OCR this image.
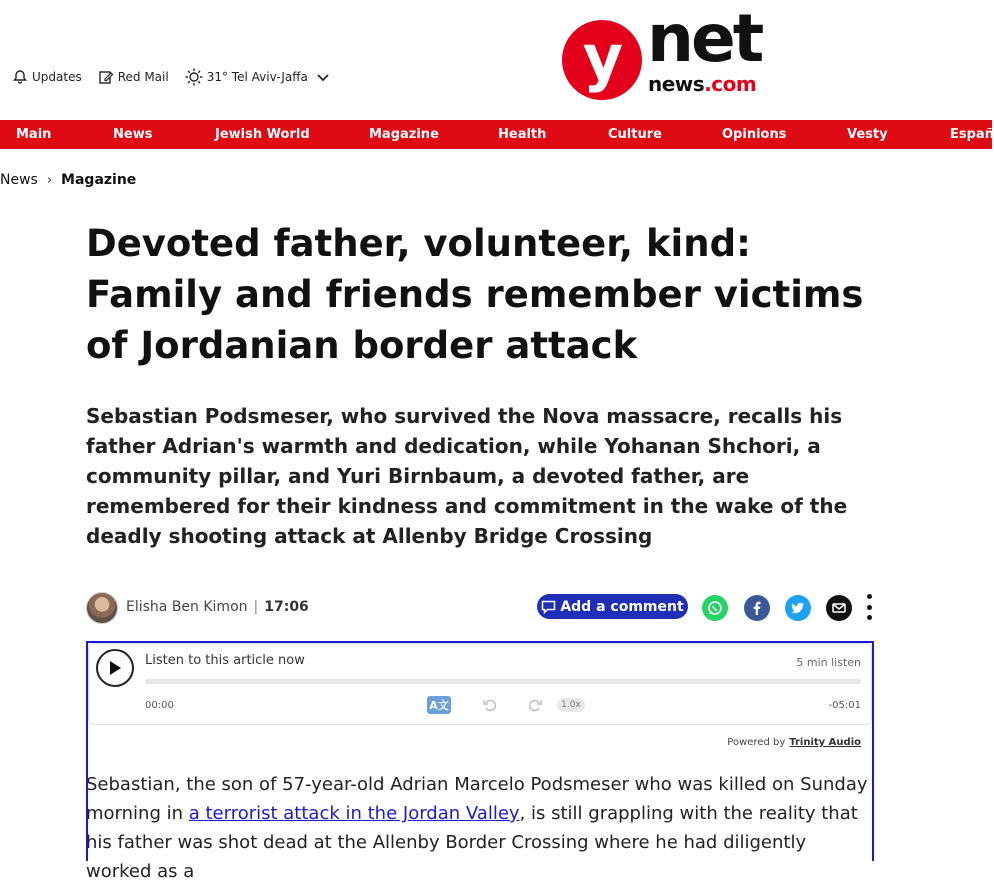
Updates	Red Mail	31° Tel Aviv-Jaffa	y net
news.com
Main	News	Jewish World	Magazine	Health	Culture	Opinions	Vesty	Españ
News › Magazine
Devoted father, volunteer, kind: Family and friends remember victims of Jordanian border attack

Sebastian Podsmeser, who survived the Nova massacre, recalls his father Adrian's warmth and dedication, while Yohanan Shchori, a community pillar, and Yuri Birnbaum, a devoted father, are remembered for their kindness and commitment in the wake of the deadly shooting attack at Allenby Bridge Crossing

Elisha Ben Kimon | 17:06	Add a comment
Listen to this article now	5 min listen
00:00	A文	1.0x	-05:01
Powered by Trinity Audio

Sebastian, the son of 57-year-old Adrian Marcelo Podsmeser who was killed on Sunday morning in a terrorist attack in the Jordan Valley, is still grappling with the reality that his father was shot dead at the Allenby Border Crossing where he had diligently worked as a
